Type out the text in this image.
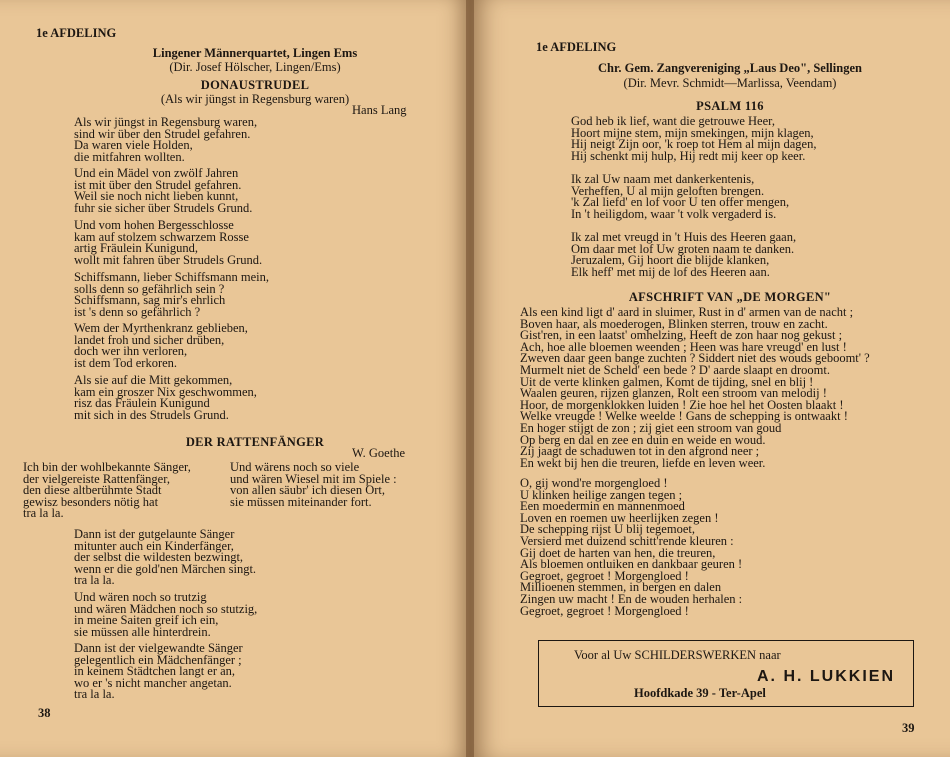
1e AFDELING
Lingener Männerquartet, Lingen Ems
(Dir. Josef Hölscher, Lingen/Ems)
DONAUSTRUDEL
(Als wir jüngst in Regensburg waren)
Hans Lang
Als wir jüngst in Regensburg waren,
sind wir über den Strudel gefahren.
Da waren viele Holden,
die mitfahren wollten.
Und ein Mädel von zwölf Jahren
ist mit über den Strudel gefahren.
Weil sie noch nicht lieben kunnt,
fuhr sie sicher über Strudels Grund.
Und vom hohen Bergesschlosse
kam auf stolzem schwarzem Rosse
artig Fräulein Kunigund,
wollt mit fahren über Strudels Grund.
Schiffsmann, lieber Schiffsmann mein,
solls denn so gefährlich sein ?
Schiffsmann, sag mir's ehrlich
ist 's denn so gefährlich ?
Wem der Myrthenkranz geblieben,
landet froh und sicher drüben,
doch wer ihn verloren,
ist dem Tod erkoren.
Als sie auf die Mitt gekommen,
kam ein groszer Nix geschwommen,
risz das Fräulein Kunigund
mit sich in des Strudels Grund.
DER RATTENFÄNGER
W. Goethe
Ich bin der wohlbekannte Sänger,
der vielgereiste Rattenfänger,
den diese altberühmte Stadt
gewisz besonders nötig hat
tra la la.
Und wärens noch so viele
und wären Wiesel mit im Spiele :
von allen säubr' ich diesen Ort,
sie müssen miteinander fort.
Dann ist der gutgelaunte Sänger
mitunter auch ein Kinderfänger,
der selbst die wildesten bezwingt,
wenn er die gold'nen Märchen singt.
tra la la.
Und wären noch so trutzig
und wären Mädchen noch so stutzig,
in meine Saiten greif ich ein,
sie müssen alle hinterdrein.
Dann ist der vielgewandte Sänger
gelegentlich ein Mädchenfänger ;
in keinem Städtchen langt er an,
wo er 's nicht mancher angetan.
tra la la.
38
1e AFDELING
Chr. Gem. Zangvereniging „Laus Deo", Sellingen
(Dir. Mevr. Schmidt—Marlissa, Veendam)
PSALM 116
God heb ik lief, want die getrouwe Heer,
Hoort mijne stem, mijn smekingen, mijn klagen,
Hij neigt Zijn oor, 'k roep tot Hem al mijn dagen,
Hij schenkt mij hulp, Hij redt mij keer op keer.
Ik zal Uw naam met dankerkentenis,
Verheffen, U al mijn geloften brengen.
'k Zal liefd' en lof voor U ten offer mengen,
In 't heiligdom, waar 't volk vergaderd is.
Ik zal met vreugd in 't Huis des Heeren gaan,
Om daar met lof Uw groten naam te danken.
Jeruzalem, Gij hoort die blijde klanken,
Elk heff' met mij de lof des Heeren aan.
AFSCHRIFT VAN „DE MORGEN"
Als een kind ligt d' aard in sluimer, Rust in d' armen van de nacht ;
Boven haar, als moederogen, Blinken sterren, trouw en zacht.
Gist'ren, in een laatst' omhelzing, Heeft de zon haar nog gekust ;
Ach, hoe alle bloemen weenden ; Heen was hare vreugd' en lust !
Zweven daar geen bange zuchten ? Siddert niet des wouds geboomt' ?
Murmelt niet de Scheld' een bede ? D' aarde slaapt en droomt.
Uit de verte klinken galmen, Komt de tijding, snel en blij !
Waalen geuren, rijzen glanzen, Rolt een stroom van melodij !
Hoor, de morgenklokken luiden ! Zie hoe hel het Oosten blaakt !
Welke vreugde ! Welke weelde ! Gans de schepping is ontwaakt !
En hoger stijgt de zon ; zij giet een stroom van goud
Op berg en dal en zee en duin en weide en woud.
Zij jaagt de schaduwen tot in den afgrond neer ;
En wekt bij hen die treuren, liefde en leven weer.
O, gij wond're morgengloed !
U klinken heilige zangen tegen ;
Een moedermin en mannenmoed
Loven en roemen uw heerlijken zegen !
De schepping rijst U blij tegemoet,
Versierd met duizend schitt'rende kleuren :
Gij doet de harten van hen, die treuren,
Als bloemen ontluiken en dankbaar geuren !
Gegroet, gegroet ! Morgengloed !
Millioenen stemmen, in bergen en dalen
Zingen uw macht ! En de wouden herhalen :
Gegroet, gegroet ! Morgengloed !
Voor al Uw SCHILDERSWERKEN naar
A. H. LUKKIEN
Hoofdkade 39 - Ter-Apel
39
